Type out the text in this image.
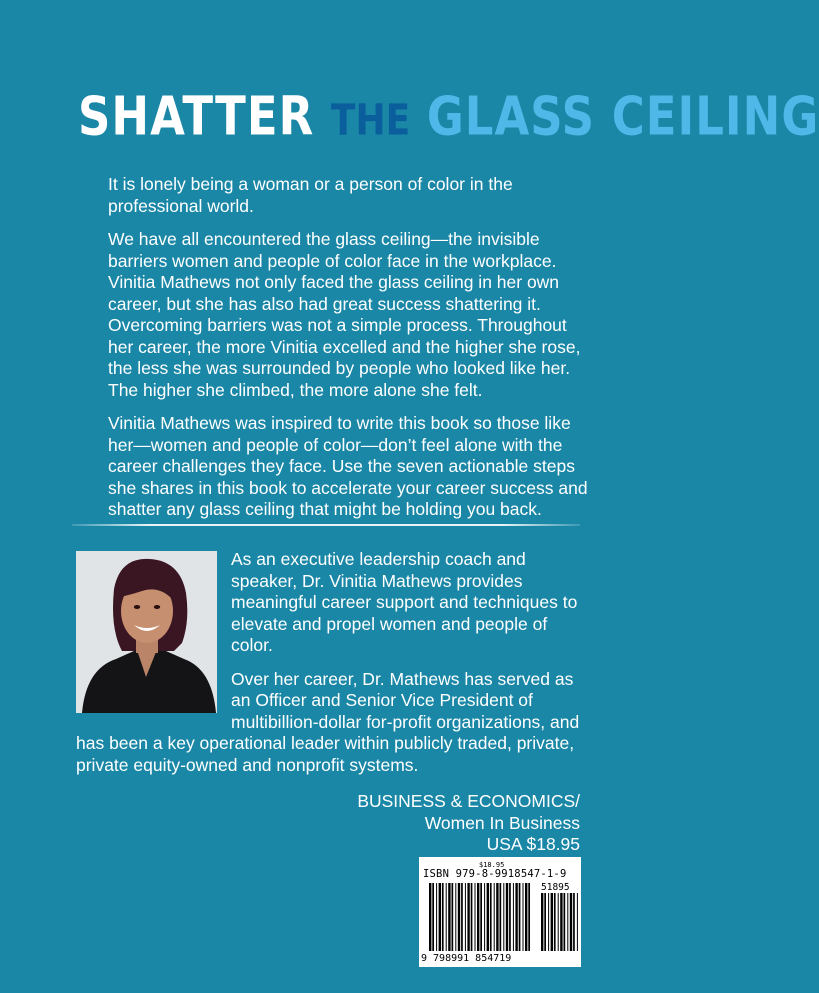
SHATTER THE GLASS CEILING

It is lonely being a woman or a person of color in the professional world.

We have all encountered the glass ceiling—the invisible barriers women and people of color face in the workplace. Vinitia Mathews not only faced the glass ceiling in her own career, but she has also had great success shattering it. Overcoming barriers was not a simple process. Throughout her career, the more Vinitia excelled and the higher she rose, the less she was surrounded by people who looked like her. The higher she climbed, the more alone she felt.

Vinitia Mathews was inspired to write this book so those like her—women and people of color—don’t feel alone with the career challenges they face. Use the seven actionable steps she shares in this book to accelerate your career success and shatter any glass ceiling that might be holding you back.

As an executive leadership coach and speaker, Dr. Vinitia Mathews provides meaningful career support and techniques to elevate and propel women and people of color.

Over her career, Dr. Mathews has served as
an Officer and Senior Vice President of
multibillion-dollar for-profit organizations, and
has been a key operational leader within publicly traded, private,
private equity-owned and nonprofit systems.
BUSINESS & ECONOMICS/
Women In Business
USA $18.95
$18.95
ISBN 979-8-9918547-1-9
51895
9 798991 854719
